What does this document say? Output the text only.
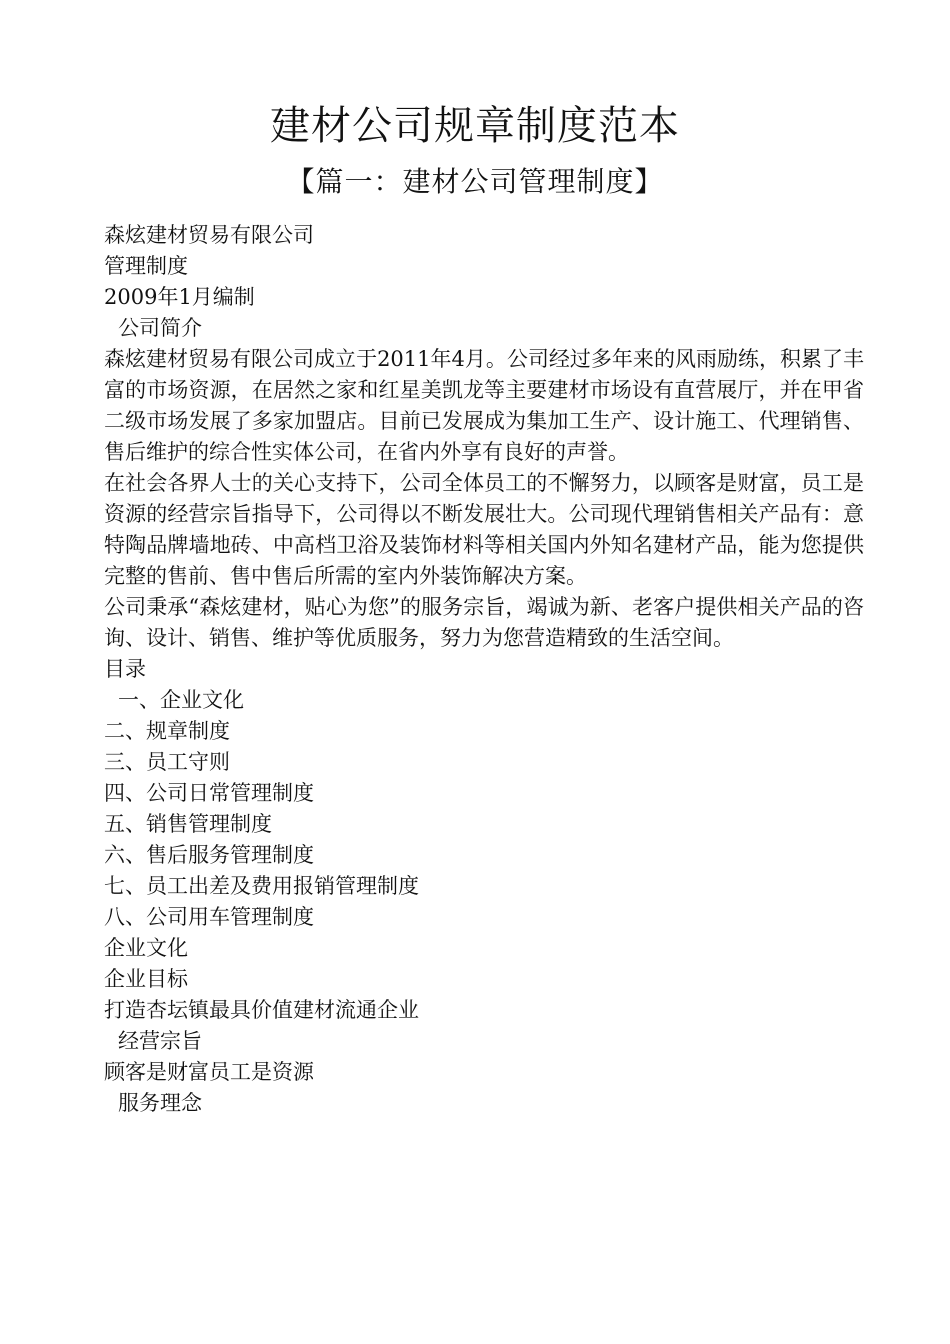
建材公司规章制度范本
【篇一：建材公司管理制度】
森炫建材贸易有限公司
管理制度
2009年1月编制
公司简介
森炫建材贸易有限公司成立于2011年4月。公司经过多年来的风雨励练，积累了丰富的市场资源，在居然之家和红星美凯龙等主要建材市场设有直营展厅，并在甲省二级市场发展了多家加盟店。目前已发展成为集加工生产、设计施工、代理销售、售后维护的综合性实体公司，在省内外享有良好的声誉。
在社会各界人士的关心支持下，公司全体员工的不懈努力，以顾客是财富，员工是资源的经营宗旨指导下，公司得以不断发展壮大。公司现代理销售相关产品有：意特陶品牌墙地砖、中高档卫浴及装饰材料等相关国内外知名建材产品，能为您提供完整的售前、售中售后所需的室内外装饰解决方案。
公司秉承“森炫建材，贴心为您”的服务宗旨，竭诚为新、老客户提供相关产品的咨询、设计、销售、维护等优质服务，努力为您营造精致的生活空间。
目录
一、企业文化
二、规章制度
三、员工守则
四、公司日常管理制度
五、销售管理制度
六、售后服务管理制度
七、员工出差及费用报销管理制度
八、公司用车管理制度
企业文化
企业目标
打造杏坛镇最具价值建材流通企业
经营宗旨
顾客是财富员工是资源
服务理念
